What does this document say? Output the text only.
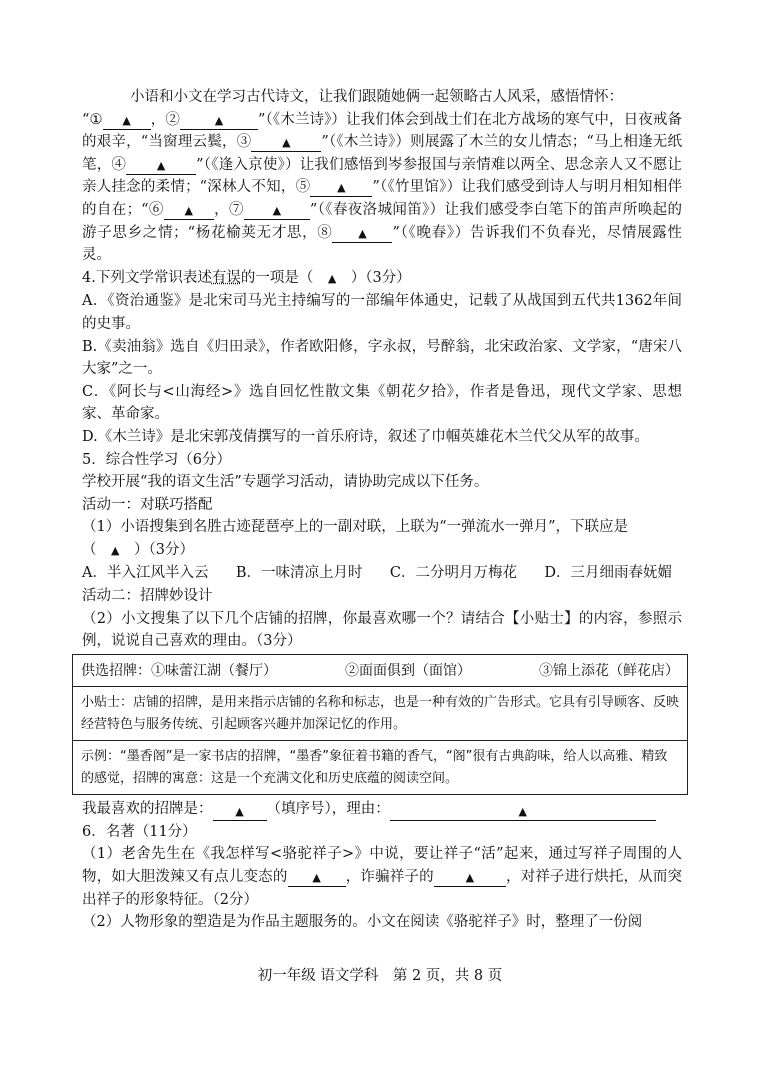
小语和小文在学习古代诗文，让我们跟随她俩一起领略古人风采，感悟情怀：

“① ▲ ，②	▲ ”（《木兰诗》）让我们体会到战士们在北方战场的寒气中，日夜戒备的艰辛，“当窗理云鬓，③	▲ ”（《木兰诗》）则展露了木兰的女儿情态；“马上相逢无纸笔，④	▲ ”（《逢入京使》）让我们感悟到岑参报国与亲情难以两全、思念亲人又不愿让亲人挂念的柔情；“深林人不知，⑤ ▲ ”（《竹里馆》）让我们感受到诗人与明月相知相伴的自在；“⑥ ▲ ，⑦	▲ ”（《春夜洛城闻笛》）让我们感受李白笔下的笛声所唤起的游子思乡之情；“杨花榆荚无才思，⑧ ▲ ”（《晚春》）告诉我们不负春光，尽情展露性灵。

4.下列文学常识表述有误的一项是（　 ▲　 ）（3分）

A．《资治通鉴》是北宋司马光主持编写的一部编年体通史，记载了从战国到五代共1362年间的史事。

B.《卖油翁》选自《归田录》，作者欧阳修，字永叔，号醉翁，北宋政治家、文学家，“唐宋八大家”之一。

C．《阿长与<山海经>》选自回忆性散文集《朝花夕拾》，作者是鲁迅，现代文学家、思想家、革命家。

D.《木兰诗》是北宋郭茂倩撰写的一首乐府诗，叙述了巾帼英雄花木兰代父从军的故事。

5．综合性学习（6分）

学校开展“我的语文生活”专题学习活动，请协助完成以下任务。

活动一：对联巧搭配

（1）小语搜集到名胜古迹琵琶亭上的一副对联，上联为“一弹流水一弹月”，下联应是
（　 ▲　 ）（3分）

A．半入江风半入云 B．一味清凉上月时 C．二分明月万梅花 D．三月细雨春妩媚

活动二：招牌妙设计

（2）小文搜集了以下几个店铺的招牌，你最喜欢哪一个？请结合【小贴士】的内容，参照示例，说说自己喜欢的理由。（3分）

供选招牌：①味蕾江湖（餐厅）	②面面俱到（面馆）	③锦上添花（鲜花店）
小贴士：店铺的招牌，是用来指示店铺的名称和标志，也是一种有效的广告形式。它具有引导顾客、反映经营特色与服务传统、引起顾客兴趣并加深记忆的作用。
示例：“墨香阁”是一家书店的招牌，“墨香”象征着书籍的香气，“阁”很有古典韵味，给人以高雅、精致的感觉，招牌的寓意：这是一个充满文化和历史底蕴的阅读空间。
我最喜欢的招牌是：	▲	（填序号），理由：	▲

6．名著（11分）

（1）老舍先生在《我怎样写<骆驼祥子>》中说，要让祥子“活”起来，通过写祥子周围的人物，如大胆泼辣又有点儿变态的 ▲ ，诈骗祥子的	▲ ，对祥子进行烘托，从而突出祥子的形象特征。（2分）

（2）人物形象的塑造是为作品主题服务的。小文在阅读《骆驼祥子》时，整理了一份阅

初一年级 语文学科　第 2 页，共 8 页
